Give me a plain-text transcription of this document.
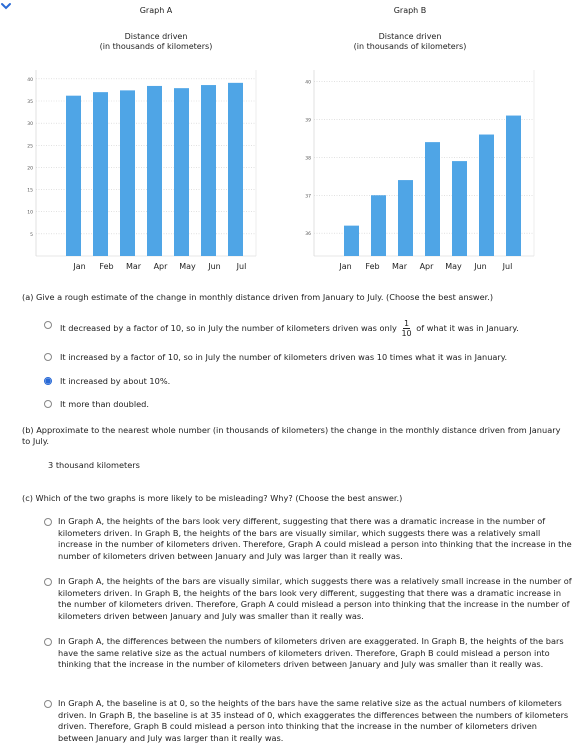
Graph A
Distance driven
(in thousands of kilometers)
5
10
15
20
25
30
35
40
Jan	Feb	Mar	Apr	May	Jun	Jul
Graph B
Distance driven
(in thousands of kilometers)
36
37
38
39
40
Jan	Feb	Mar	Apr	May	Jun	Jul
(a) Give a rough estimate of the change in monthly distance driven from January to July. (Choose the best answer.)
It decreased by a factor of 10, so in July the number of kilometers driven was only $\frac{1}{10}$ of what it was in January.
It increased by a factor of 10, so in July the number of kilometers driven was 10 times what it was in January.
It increased by about 10%.
It more than doubled.
(b) Approximate to the nearest whole number (in thousands of kilometers) the change in the monthly distance driven from January to July.
3 thousand kilometers
(c) Which of the two graphs is more likely to be misleading? Why? (Choose the best answer.)
In Graph A, the heights of the bars look very different, suggesting that there was a dramatic increase in the number of kilometers driven. In Graph B, the heights of the bars are visually similar, which suggests there was a relatively small increase in the number of kilometers driven. Therefore, Graph A could mislead a person into thinking that the increase in the number of kilometers driven between January and July was larger than it really was.
In Graph A, the heights of the bars are visually similar, which suggests there was a relatively small increase in the number of kilometers driven. In Graph B, the heights of the bars look very different, suggesting that there was a dramatic increase in the number of kilometers driven. Therefore, Graph A could mislead a person into thinking that the increase in the number of kilometers driven between January and July was smaller than it really was.
In Graph A, the differences between the numbers of kilometers driven are exaggerated. In Graph B, the heights of the bars have the same relative size as the actual numbers of kilometers driven. Therefore, Graph B could mislead a person into thinking that the increase in the number of kilometers driven between January and July was smaller than it really was.
In Graph A, the baseline is at 0, so the heights of the bars have the same relative size as the actual numbers of kilometers driven. In Graph B, the baseline is at 35 instead of 0, which exaggerates the differences between the numbers of kilometers driven. Therefore, Graph B could mislead a person into thinking that the increase in the number of kilometers driven between January and July was larger than it really was.
